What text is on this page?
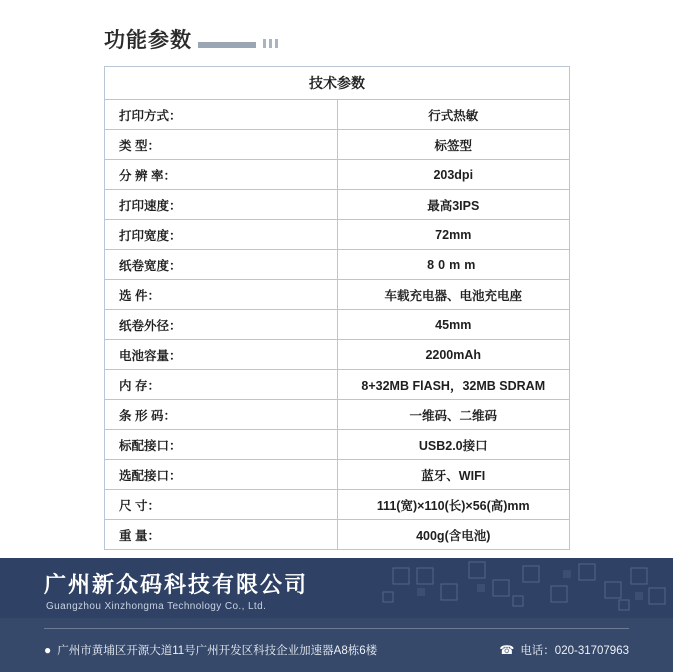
功能参数
技术参数	
打印方式：	行式热敏
类 型：	标签型
分 辨 率：	203dpi
打印速度：	最高3IPS
打印宽度：	72mm
纸卷宽度：	80mm
选 件：	车载充电器、电池充电座
纸卷外径：	45mm
电池容量：	2200mAh
内 存：	8+32MB FlASH，32MB SDRAM
条 形 码：	一维码、二维码
标配接口：	USB2.0接口
选配接口：	蓝牙、WIFI
尺 寸：	111(宽)×110(长)×56(高)mm
重 量：	400g(含电池)
广州新众码科技有限公司
Guangzhou Xinzhongma Technology Co., Ltd.
● 广州市黄埔区开源大道11号广州开发区科技企业加速器A8栋6楼	☎ 电话：020-31707963
